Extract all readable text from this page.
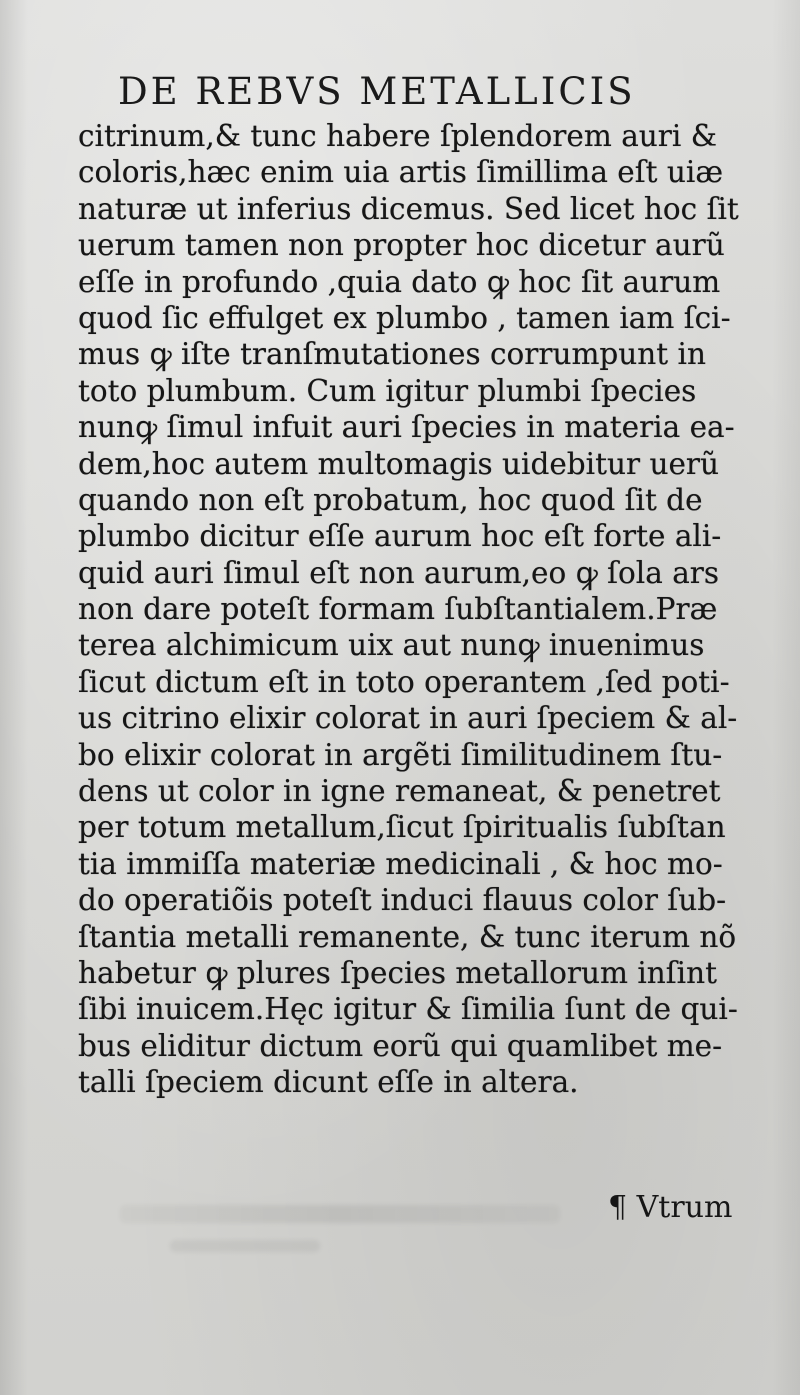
DE REBVS METALLICIS
citrinum,& tunc habere ſplendorem auri &
coloris,hæc enim uia artis ſimillima eſt uiæ
naturæ ut inferius dicemus. Sed licet hoc ſit
uerum tamen non propter hoc dicetur aurũ
eſſe in profundo ,quia dato ꝙ hoc ſit aurum
quod ſic effulget ex plumbo , tamen iam ſci-
mus ꝙ iſte tranſmutationes corrumpunt in
toto plumbum. Cum igitur plumbi ſpecies
nunꝙ ſimul infuit auri ſpecies in materia ea-
dem,hoc autem multomagis uidebitur uerũ
quando non eſt probatum, hoc quod ſit de
plumbo dicitur eſſe aurum hoc eſt forte ali-
quid auri ſimul eſt non aurum,eo ꝙ ſola ars
non dare poteſt formam ſubſtantialem.Præ
terea alchimicum uix aut nunꝙ inuenimus
ſicut dictum eſt in toto operantem ,ſed poti-
us citrino elixir colorat in auri ſpeciem & al-
bo elixir colorat in argẽti ſimilitudinem ſtu-
dens ut color in igne remaneat, & penetret
per totum metallum,ſicut ſpiritualis ſubſtan
tia immiſſa materiæ medicinali , & hoc mo-
do operatiõis poteſt induci flauus color ſub-
ſtantia metalli remanente, & tunc iterum nõ
habetur ꝙ plures ſpecies metallorum inſint
ſibi inuicem.Hęc igitur & ſimilia ſunt de qui-
bus eliditur dictum eorũ qui quamlibet me-
talli ſpeciem dicunt eſſe in altera.
¶ Vtrum
